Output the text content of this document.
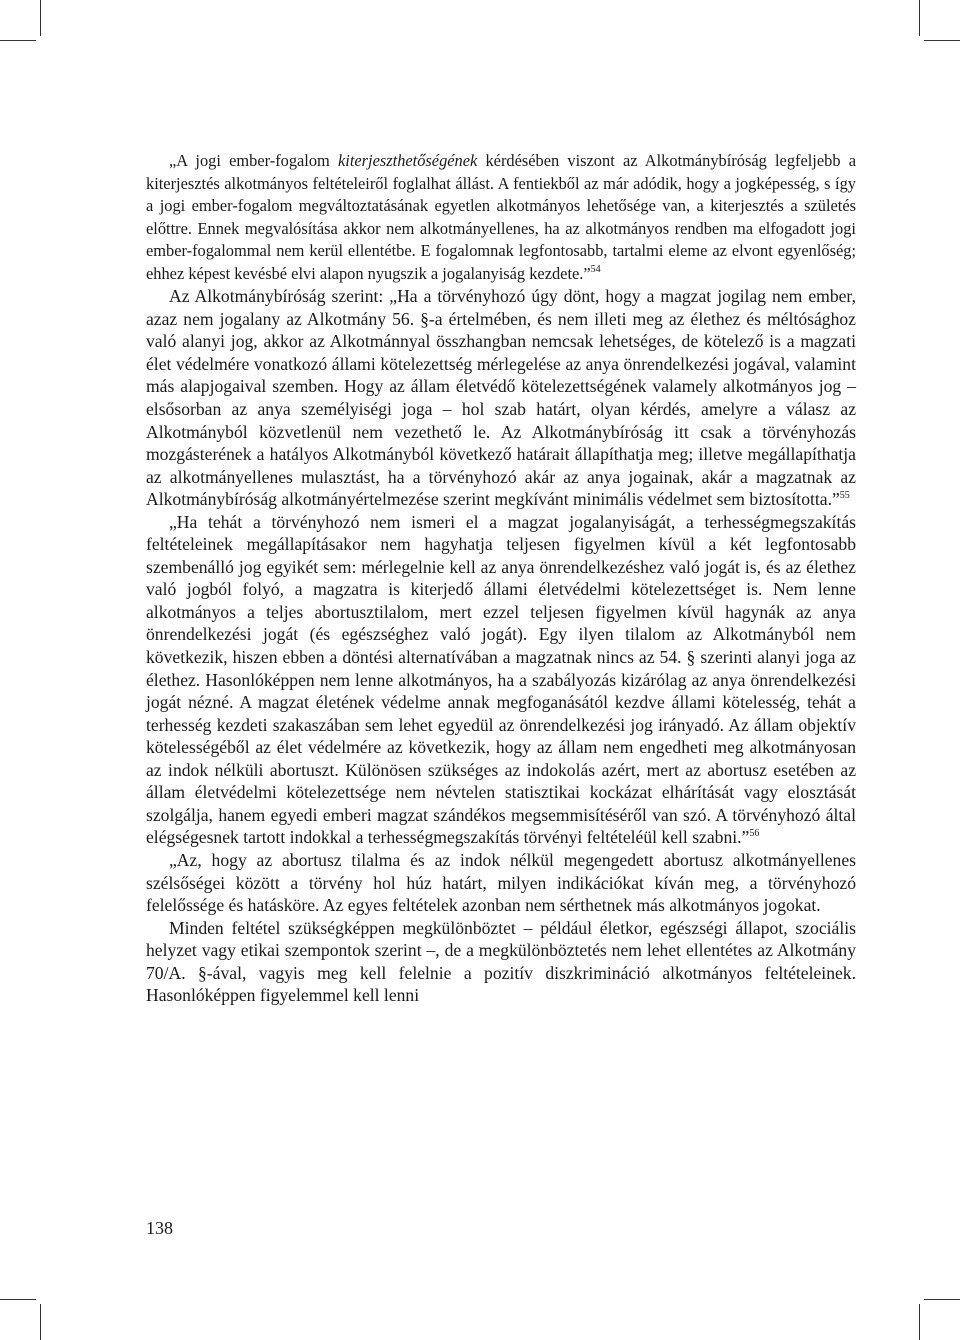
„A jogi ember-fogalom kiterjeszthetőségének kérdésében viszont az Alkotmánybíróság legfeljebb a kiterjesztés alkotmányos feltételeiről foglalhat állást. A fentiekből az már adódik, hogy a jogképesség, s így a jogi ember-fogalom megváltoztatásának egyetlen alkotmányos lehetősége van, a kiterjesztés a születés előttre. Ennek megvalósítása akkor nem alkotmányellenes, ha az alkotmányos rendben ma elfogadott jogi ember-fogalommal nem kerül ellentétbe. E fogalomnak legfontosabb, tartalmi eleme az elvont egyenlőség; ehhez képest kevésbé elvi alapon nyugszik a jogalanyiság kezdete.”$^{54}$

Az Alkotmánybíróság szerint: „Ha a törvényhozó úgy dönt, hogy a magzat jogilag nem ember, azaz nem jogalany az Alkotmány 56. §-a értelmében, és nem illeti meg az élethez és méltósághoz való alanyi jog, akkor az Alkotmánnyal összhangban nemcsak lehetséges, de kötelező is a magzati élet védelmére vonatkozó állami kötelezettség mérlegelése az anya önrendelkezési jogával, valamint más alapjogaival szemben. Hogy az állam életvédő kötelezettségének valamely alkotmányos jog – elsősorban az anya személyiségi joga – hol szab határt, olyan kérdés, amelyre a válasz az Alkotmányból közvetlenül nem vezethető le. Az Alkotmánybíróság itt csak a törvényhozás mozgásterének a hatályos Alkotmányból következő határait állapíthatja meg; illetve megállapíthatja az alkotmányellenes mulasztást, ha a törvényhozó akár az anya jogainak, akár a magzatnak az Alkotmánybíróság alkotmányértelmezése szerint megkívánt minimális védelmet sem biztosította.”$^{55}$

„Ha tehát a törvényhozó nem ismeri el a magzat jogalanyiságát, a terhességmegszakítás feltételeinek megállapításakor nem hagyhatja teljesen figyelmen kívül a két legfontosabb szembenálló jog egyikét sem: mérlegelnie kell az anya önrendelkezéshez való jogát is, és az élethez való jogból folyó, a magzatra is kiterjedő állami életvédelmi kötelezettséget is. Nem lenne alkotmányos a teljes abortusztilalom, mert ezzel teljesen figyelmen kívül hagynák az anya önrendelkezési jogát (és egészséghez való jogát). Egy ilyen tilalom az Alkotmányból nem következik, hiszen ebben a döntési alternatívában a magzatnak nincs az 54. § szerinti alanyi joga az élethez. Hasonlóképpen nem lenne alkotmányos, ha a szabályozás kizárólag az anya önrendelkezési jogát nézné. A magzat életének védelme annak megfoganásától kezdve állami kötelesség, tehát a terhesség kezdeti szakaszában sem lehet egyedül az önrendelkezési jog irányadó. Az állam objektív kötelességéből az élet védelmére az következik, hogy az állam nem engedheti meg alkotmányosan az indok nélküli abortuszt. Különösen szükséges az indokolás azért, mert az abortusz esetében az állam életvédelmi kötelezettsége nem névtelen statisztikai kockázat elhárítását vagy elosztását szolgálja, hanem egyedi emberi magzat szándékos megsemmisítéséről van szó. A törvényhozó által elégségesnek tartott indokkal a terhességmegszakítás törvényi feltételéül kell szabni.”$^{56}$

„Az, hogy az abortusz tilalma és az indok nélkül megengedett abortusz alkotmányellenes szélsőségei között a törvény hol húz határt, milyen indikációkat kíván meg, a törvényhozó felelőssége és hatásköre. Az egyes feltételek azonban nem sérthetnek más alkotmányos jogokat.

Minden feltétel szükségképpen megkülönböztet – például életkor, egészségi állapot, szociális helyzet vagy etikai szempontok szerint –, de a megkülönböztetés nem lehet ellentétes az Alkotmány 70/A. §-ával, vagyis meg kell felelnie a pozitív diszkrimináció alkotmányos feltételeinek. Hasonlóképpen figyelemmel kell lenni

138
